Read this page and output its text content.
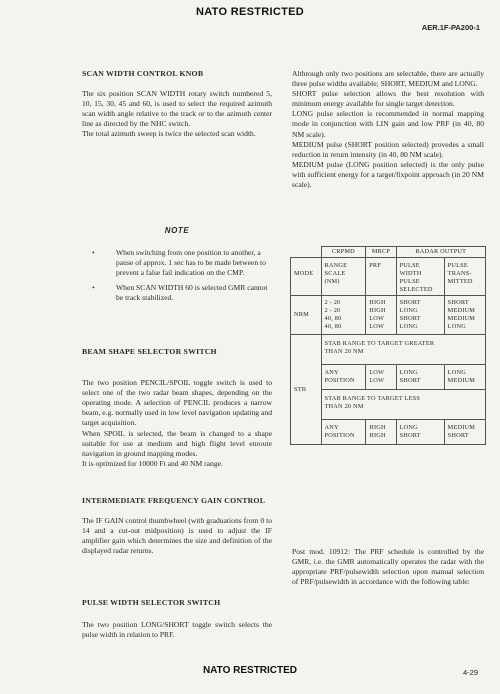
NATO RESTRICTED
AER.1F-PA200-1
SCAN WIDTH CONTROL KNOB

The six position SCAN WIDTH rotary switch numbered 5, 10, 15, 30, 45 and 60, is used to select the required azimuth scan width angle relative to the track or to the azimuth center line as directed by the NHC switch.

The total azimuth sweep is twice the selected scan width.

NOTE
•	When switching from one position to another, a pause of approx. 1 sec has to be made between to prevent a false fail indication on the CMP.
•	When SCAN WIDTH 60 is selected GMR cannot be track stabilized.
BEAM SHAPE SELECTOR SWITCH

The two position PENCIL/SPOIL toggle switch is used to select one of the two radar beam shapes, depending on the operating mode. A selection of PENCIL produces a narrow beam, e.g. normally used in low level navigation updating and target acquisition.

When SPOIL is selected, the beam is changed to a shape suitable for use at medium and high flight level enroute navigation in ground mapping modes.

It is optimized for 10000 Ft and 40 NM range.

INTERMEDIATE FREQUENCY GAIN CONTROL

The IF GAIN control thumbwheel (with graduations from 0 to 14 and a cut-out midposition) is used to adjust the IF amplifier gain which determines the size and definition of the displayed radar returns.

PULSE WIDTH SELECTOR SWITCH

The two position LONG/SHORT toggle switch selects the pulse width in relation to PRF.

Althrough only two positions are selectable, there are actually three pulse widths available; SHORT, MEDIUM and LONG.

SHORT pulse selection allows the best resolution with minimum energy available for single target detection.

LONG pulse selection is recommended in normal mapping mode in conjunction with LIN gain and low PRF (in 40, 80 NM scale).

MEDIUM pulse (SHORT position selected) provedes a small reduction in return intensity (in 40, 80 NM scale).

MEDIUM pulse (LONG position selected) is the only pulse with sufficient energy for a target/fixpoint approach (in 20 NM scale).

	CRPMD	MRCP	RADAR OUTPUT	
MODE	RANGE
SCALE
(NM)	PRF	PULSE
WIDTH
PULSE
SELECTED	PULSE
TRANS-
MITTED
NRM	2 - 20
2 - 20
40, 80
40, 80	HIGH
HIGH
LOW
LOW	SHORT
LONG
SHORT
LONG	SHORT
MEDIUM
MEDIUM
LONG
STB	STAB RANGE TO TARGET GREATER
THAN 20 NM			
	ANY
POSITION	LOW
LOW	LONG
SHORT	LONG
MEDIUM
	STAB RANGE TO TARGET LESS
THAN 20 NM			
	ANY
POSITION	HIGH
HIGH	LONG
SHORT	MEDIUM
SHORT

Post mod. 10912: The PRF schedule is controlled by the GMR, i.e. the GMR automatically operates the radar with the appropriate PRF/pulsewidth selection upon manual selection of PRF/pulsewidth in accordance with the following table:

NATO RESTRICTED	4-29
